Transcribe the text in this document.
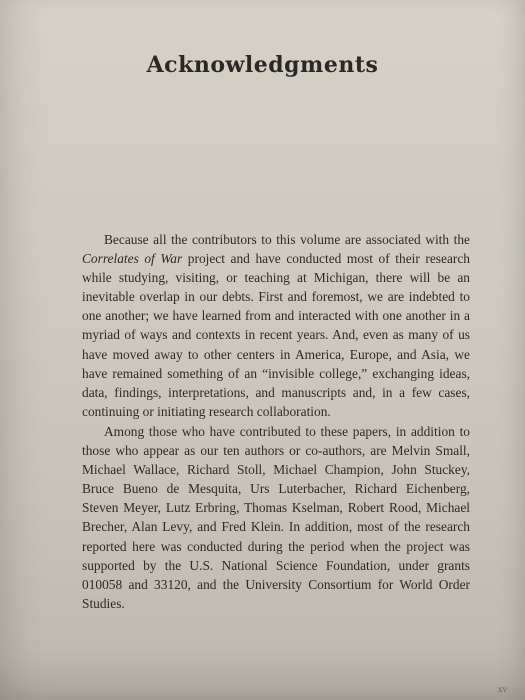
Acknowledgments

Because all the contributors to this volume are associated with the Correlates of War project and have conducted most of their research while studying, visiting, or teaching at Michigan, there will be an inevitable overlap in our debts. First and foremost, we are indebted to one another; we have learned from and interacted with one another in a myriad of ways and contexts in recent years. And, even as many of us have moved away to other centers in America, Europe, and Asia, we have remained something of an “invisible college,” exchanging ideas, data, findings, interpretations, and manuscripts and, in a few cases, continuing or initiating research collaboration.

Among those who have contributed to these papers, in addition to those who appear as our ten authors or co-authors, are Melvin Small, Michael Wallace, Richard Stoll, Michael Champion, John Stuckey, Bruce Bueno de Mesquita, Urs Luterbacher, Richard Eichenberg, Steven Meyer, Lutz Erbring, Thomas Kselman, Robert Rood, Michael Brecher, Alan Levy, and Fred Klein. In addition, most of the research reported here was conducted during the period when the project was supported by the U.S. National Science Foundation, under grants 010058 and 33120, and the University Consortium for World Order Studies.

xv
